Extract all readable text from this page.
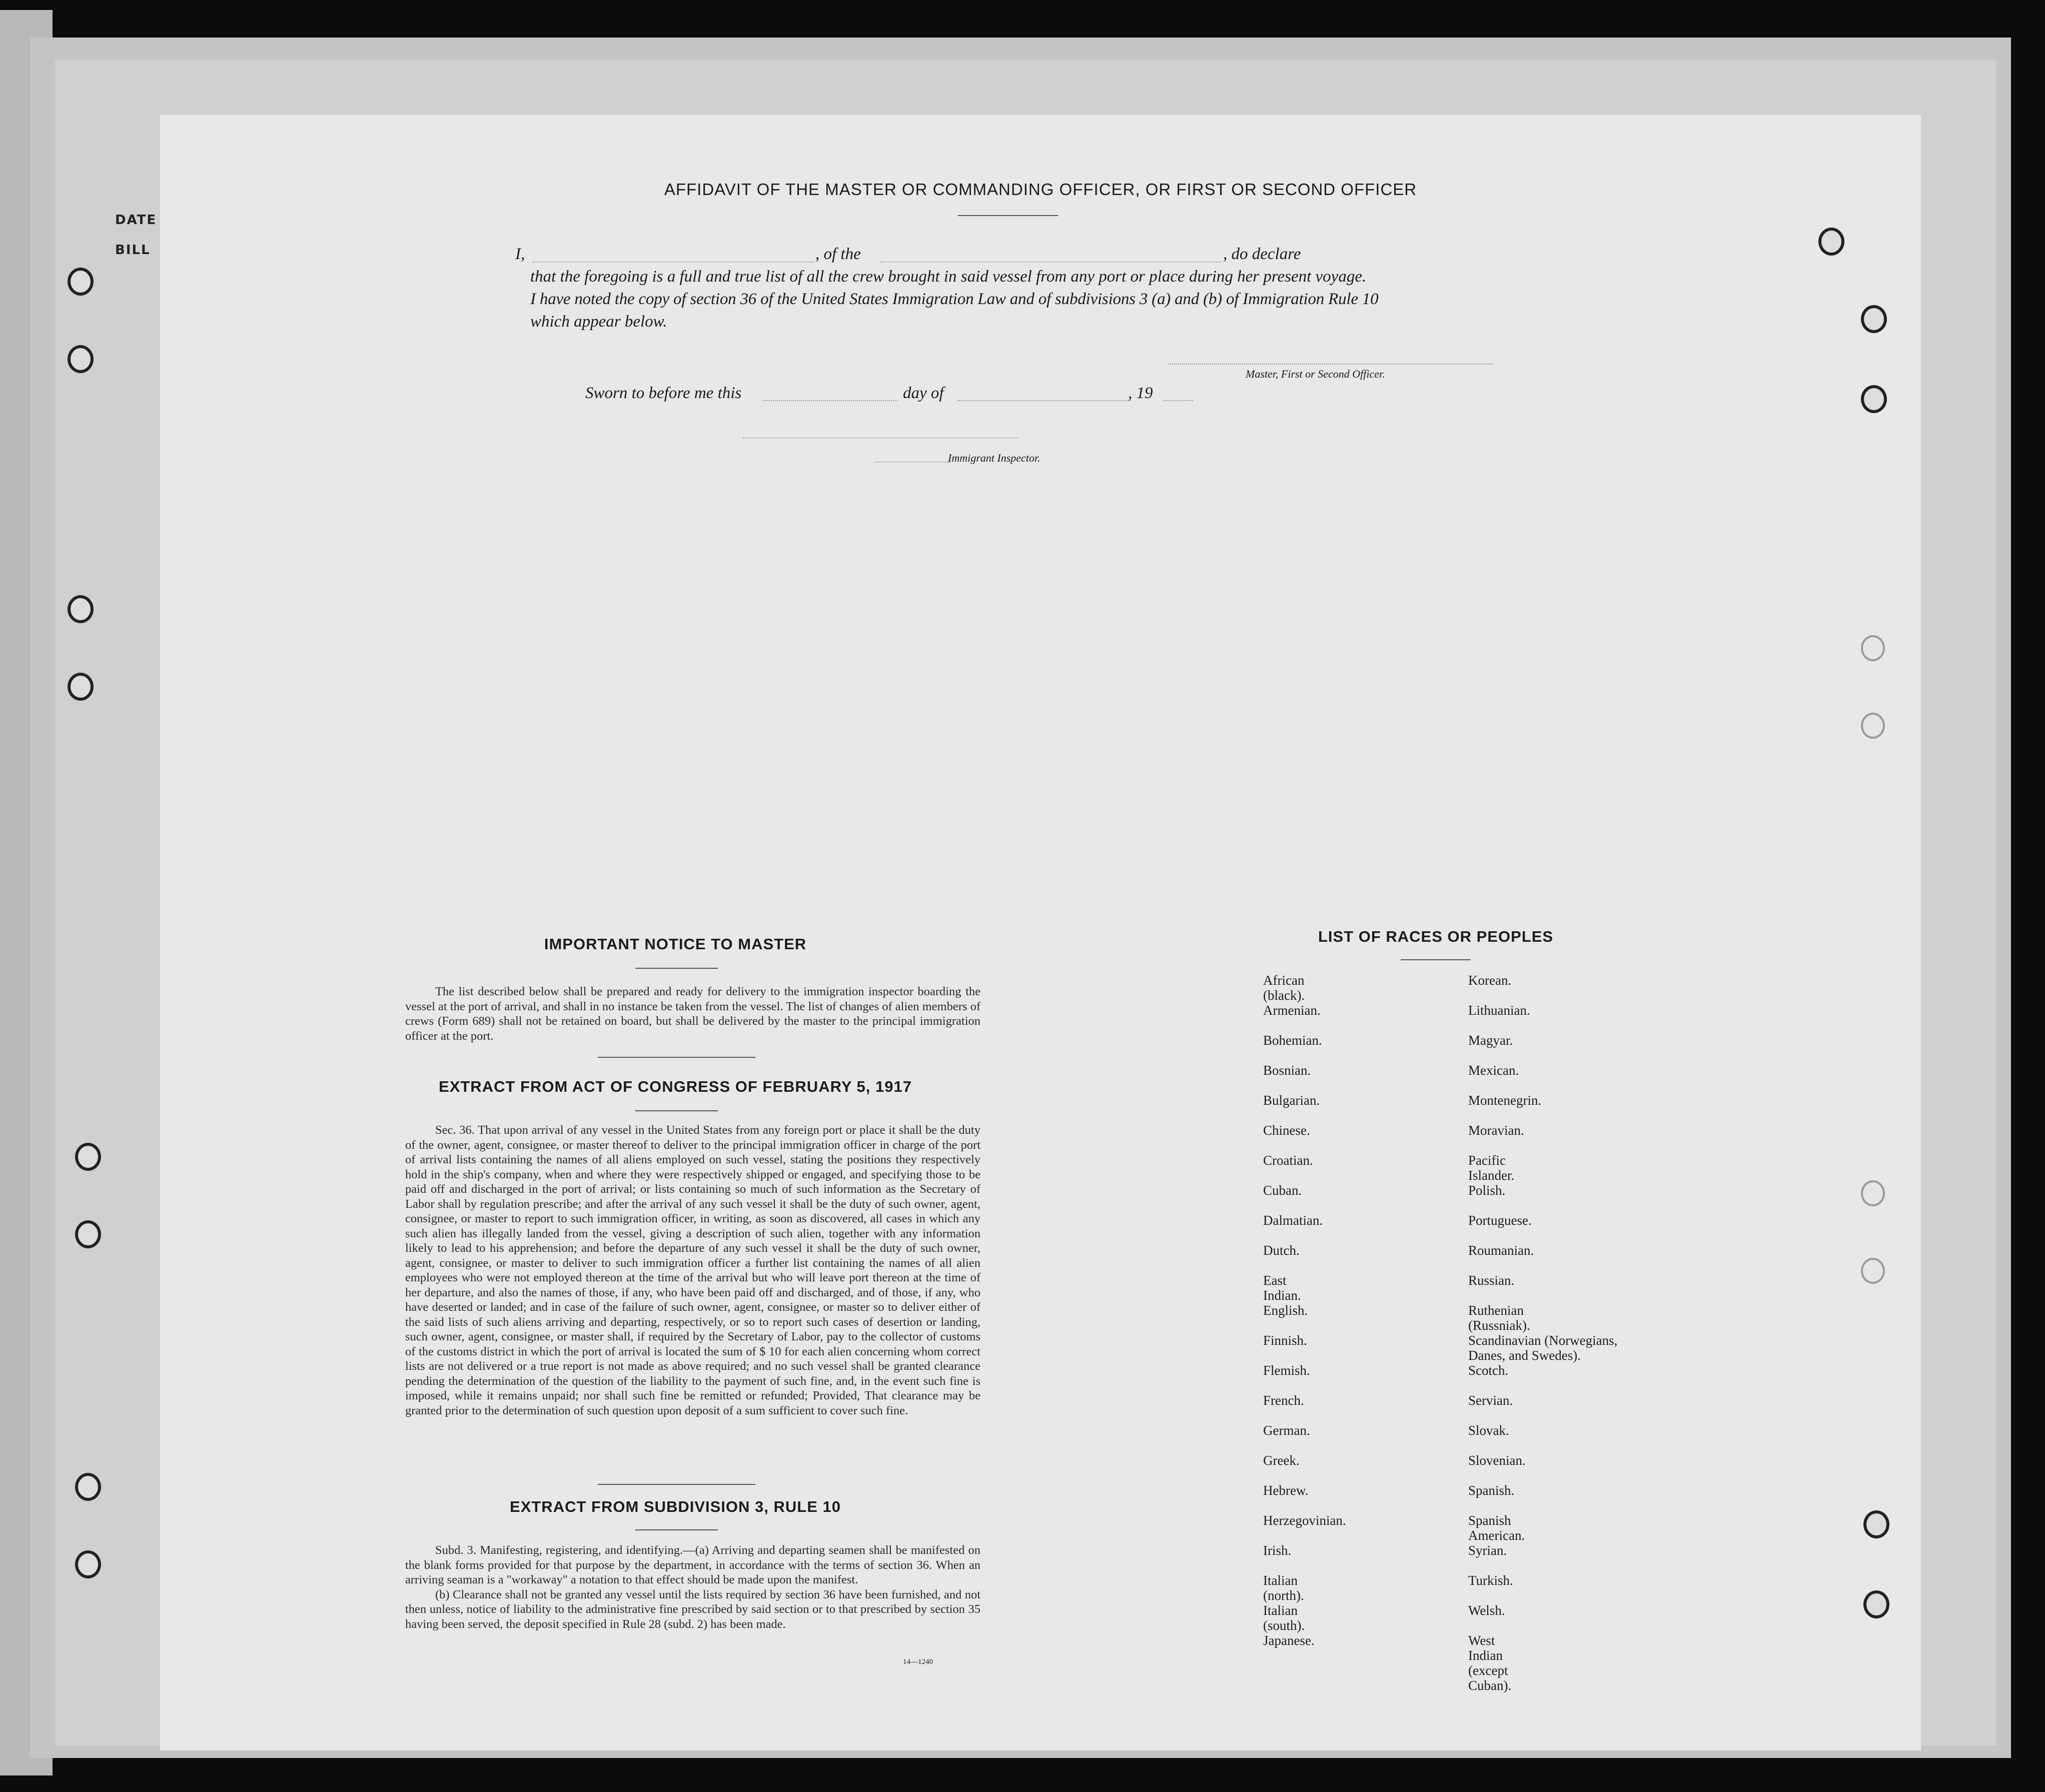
DATE
BILL
AFFIDAVIT OF THE MASTER OR COMMANDING OFFICER, OR FIRST OR SECOND OFFICER
I,	, of the	, do declare
that the foregoing is a full and true list of all the crew brought in said vessel from any port or place during her present voyage.
I have noted the copy of section 36 of the United States Immigration Law and of subdivisions 3 (a) and (b) of Immigration Rule 10
which appear below.
Master, First or Second Officer.
Sworn to before me this	day of	, 19
Immigrant Inspector.
IMPORTANT NOTICE TO MASTER

The list described below shall be prepared and ready for delivery to the immigration inspector boarding the vessel at the port of arrival, and shall in no instance be taken from the vessel. The list of changes of alien members of crews (Form 689) shall not be retained on board, but shall be delivered by the master to the principal immigration officer at the port.

EXTRACT FROM ACT OF CONGRESS OF FEBRUARY 5, 1917

Sec. 36. That upon arrival of any vessel in the United States from any foreign port or place it shall be the duty of the owner, agent, consignee, or master thereof to deliver to the principal immigration officer in charge of the port of arrival lists containing the names of all aliens employed on such vessel, stating the positions they respectively hold in the ship's company, when and where they were respectively shipped or engaged, and specifying those to be paid off and discharged in the port of arrival; or lists containing so much of such information as the Secretary of Labor shall by regulation prescribe; and after the arrival of any such vessel it shall be the duty of such owner, agent, consignee, or master to report to such immigration officer, in writing, as soon as discovered, all cases in which any such alien has illegally landed from the vessel, giving a description of such alien, together with any information likely to lead to his apprehension; and before the departure of any such vessel it shall be the duty of such owner, agent, consignee, or master to deliver to such immigration officer a further list containing the names of all alien employees who were not employed thereon at the time of the arrival but who will leave port thereon at the time of her departure, and also the names of those, if any, who have been paid off and discharged, and of those, if any, who have deserted or landed; and in case of the failure of such owner, agent, consignee, or master so to deliver either of the said lists of such aliens arriving and departing, respectively, or so to report such cases of desertion or landing, such owner, agent, consignee, or master shall, if required by the Secretary of Labor, pay to the collector of customs of the customs district in which the port of arrival is located the sum of $ 10 for each alien concerning whom correct lists are not delivered or a true report is not made as above required; and no such vessel shall be granted clearance pending the determination of the question of the liability to the payment of such fine, and, in the event such fine is imposed, while it remains unpaid; nor shall such fine be remitted or refunded; Provided, That clearance may be granted prior to the determination of such question upon deposit of a sum sufficient to cover such fine.

EXTRACT FROM SUBDIVISION 3, RULE 10

Subd. 3. Manifesting, registering, and identifying.—(a) Arriving and departing seamen shall be manifested on the blank forms provided for that purpose by the department, in accordance with the terms of section 36. When an arriving seaman is a "workaway" a notation to that effect should be made upon the manifest.

(b) Clearance shall not be granted any vessel until the lists required by section 36 have been furnished, and not then unless, notice of liability to the administrative fine prescribed by said section or to that prescribed by section 35 having been served, the deposit specified in Rule 28 (subd. 2) has been made.

14—1240
LIST OF RACES OR PEOPLES
African (black).
Armenian.
Bohemian.
Bosnian.
Bulgarian.
Chinese.
Croatian.
Cuban.
Dalmatian.
Dutch.
East Indian.
English.
Finnish.
Flemish.
French.
German.
Greek.
Hebrew.
Herzegovinian.
Irish.
Italian (north).
Italian (south).
Japanese.
Korean.
Lithuanian.
Magyar.
Mexican.
Montenegrin.
Moravian.
Pacific Islander.
Polish.
Portuguese.
Roumanian.
Russian.
Ruthenian (Russniak).
Scandinavian (Norwegians, Danes, and Swedes).
Scotch.
Servian.
Slovak.
Slovenian.
Spanish.
Spanish American.
Syrian.
Turkish.
Welsh.
West Indian (except Cuban).
